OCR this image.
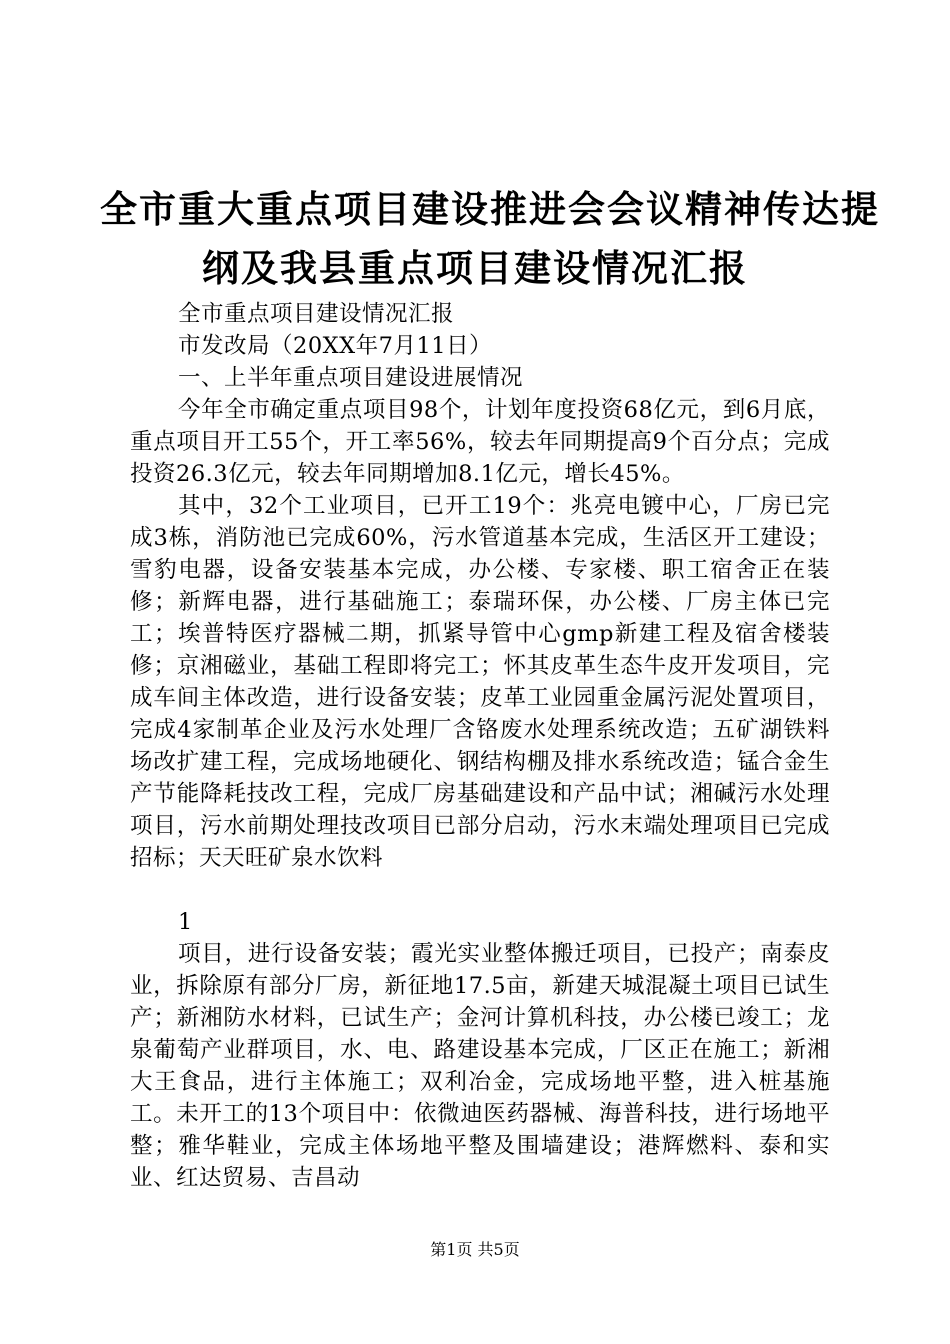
全市重大重点项目建设推进会会议精神传达提
纲及我县重点项目建设情况汇报

全市重点项目建设情况汇报

市发改局（20XX年7月11日）

一、上半年重点项目建设进展情况

今年全市确定重点项目98个，计划年度投资68亿元，到6月底，重点项目开工55个，开工率56%，较去年同期提高9个百分点；完成投资26.3亿元，较去年同期增加8.1亿元，增长45%。

其中，32个工业项目，已开工19个：兆亮电镀中心，厂房已完成3栋，消防池已完成60%，污水管道基本完成，生活区开工建设；雪豹电器，设备安装基本完成，办公楼、专家楼、职工宿舍正在装修；新辉电器，进行基础施工；泰瑞环保，办公楼、厂房主体已完工；埃普特医疗器械二期，抓紧导管中心gmp新建工程及宿舍楼装修；京湘磁业，基础工程即将完工；怀其皮革生态牛皮开发项目，完成车间主体改造，进行设备安装；皮革工业园重金属污泥处置项目，完成4家制革企业及污水处理厂含铬废水处理系统改造；五矿湖铁料场改扩建工程，完成场地硬化、钢结构棚及排水系统改造；锰合金生产节能降耗技改工程，完成厂房基础建设和产品中试；湘碱污水处理项目，污水前期处理技改项目已部分启动，污水末端处理项目已完成招标；天天旺矿泉水饮料

1

项目，进行设备安装；霞光实业整体搬迁项目，已投产；南泰皮业，拆除原有部分厂房，新征地17.5亩，新建天城混凝土项目已试生产；新湘防水材料，已试生产；金河计算机科技，办公楼已竣工；龙泉葡萄产业群项目，水、电、路建设基本完成，厂区正在施工；新湘大王食品，进行主体施工；双利冶金，完成场地平整，进入桩基施工。未开工的13个项目中：依微迪医药器械、海普科技，进行场地平整；雅华鞋业，完成主体场地平整及围墙建设；港辉燃料、泰和实业、红达贸易、吉昌动

第1页 共5页
